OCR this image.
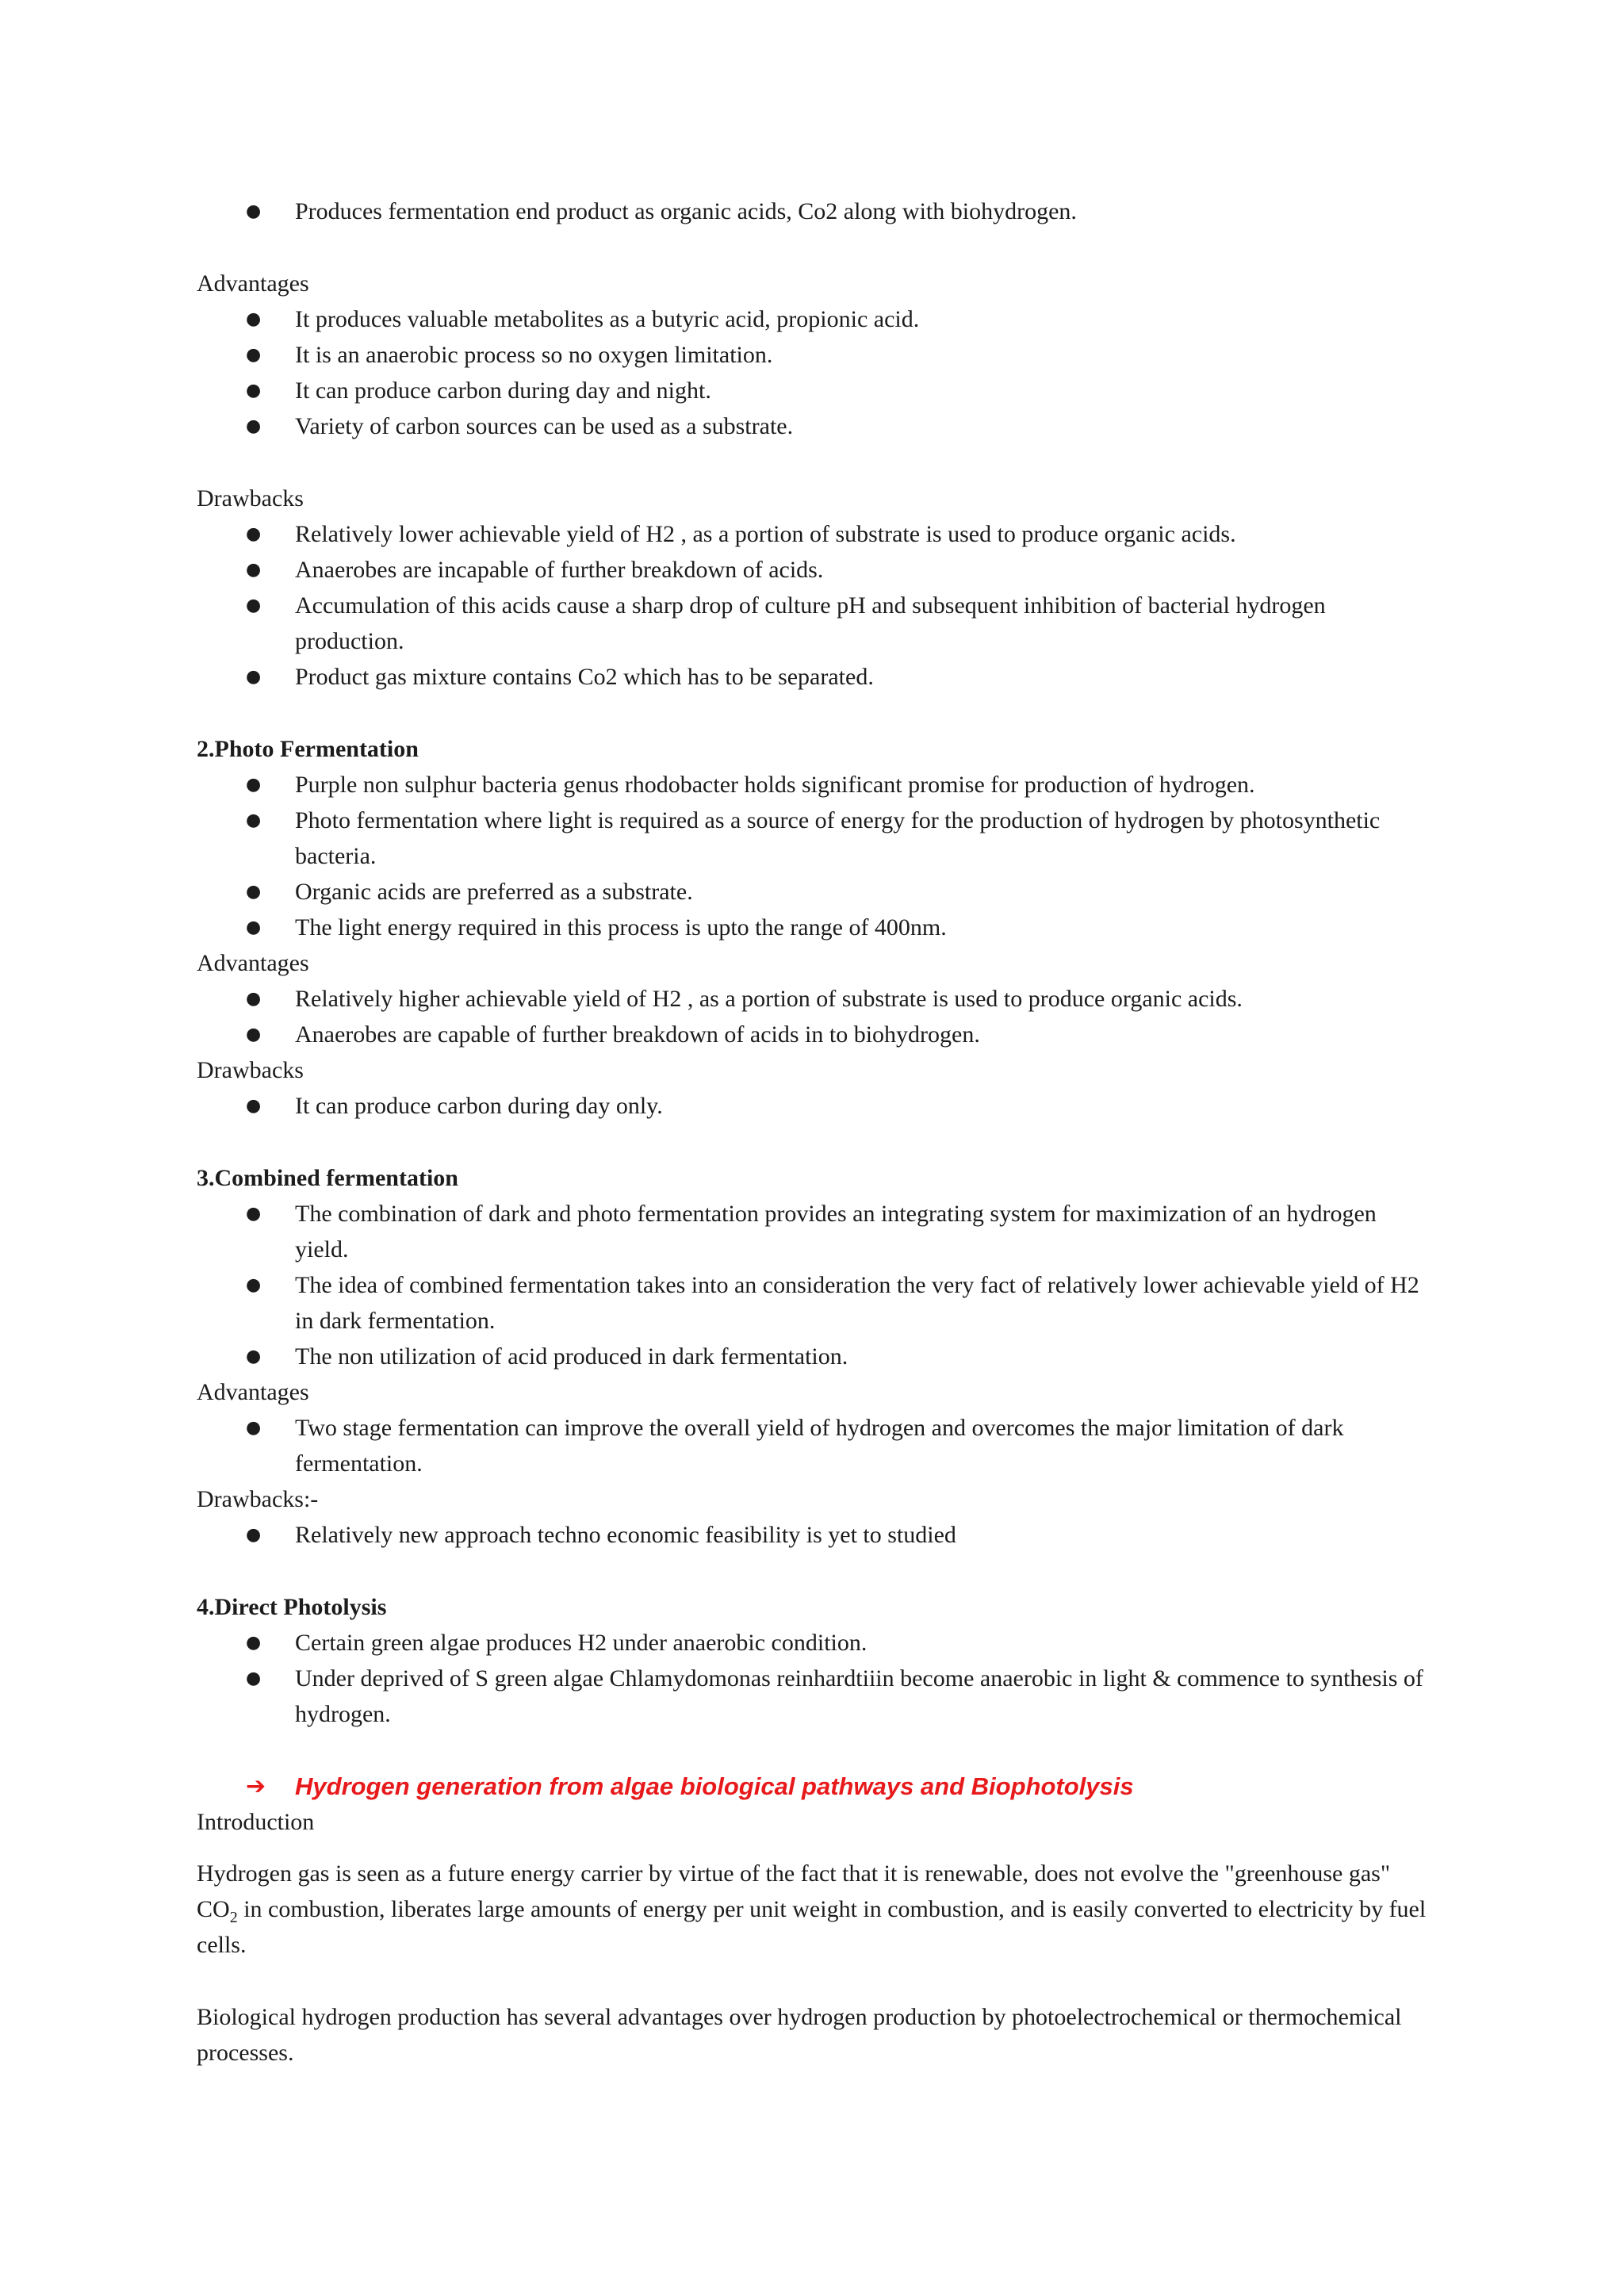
● Produces fermentation end product as organic acids, Co2 along with biohydrogen.
Advantages
● It produces valuable metabolites as a butyric acid, propionic acid.
● It is an anaerobic process so no oxygen limitation.
● It can produce carbon during day and night.
● Variety of carbon sources can be used as a substrate.
Drawbacks
● Relatively lower achievable yield of H2 , as a portion of substrate is used to produce organic acids.
● Anaerobes are incapable of further breakdown of acids.
● Accumulation of this acids cause a sharp drop of culture pH and subsequent inhibition of bacterial hydrogen production.
● Product gas mixture contains Co2 which has to be separated.
2.Photo Fermentation
● Purple non sulphur bacteria genus rhodobacter holds significant promise for production of hydrogen.
● Photo fermentation where light is required as a source of energy for the production of hydrogen by photosynthetic bacteria.
● Organic acids are preferred as a substrate.
● The light energy required in this process is upto the range of 400nm.
Advantages
● Relatively higher achievable yield of H2 , as a portion of substrate is used to produce organic acids.
● Anaerobes are capable of further breakdown of acids in to biohydrogen.
Drawbacks
● It can produce carbon during day only.
3.Combined fermentation
● The combination of dark and photo fermentation provides an integrating system for maximization of an hydrogen yield.
● The idea of combined fermentation takes into an consideration the very fact of relatively lower achievable yield of H2 in dark fermentation.
● The non utilization of acid produced in dark fermentation.
Advantages
● Two stage fermentation can improve the overall yield of hydrogen and overcomes the major limitation of dark fermentation.
Drawbacks:-
● Relatively new approach techno economic feasibility is yet to studied
4.Direct Photolysis
● Certain green algae produces H2 under anaerobic condition.
● Under deprived of S green algae Chlamydomonas reinhardtiiin become anaerobic in light & commence to synthesis of hydrogen.
➔ Hydrogen generation from algae biological pathways and Biophotolysis
Introduction

Hydrogen gas is seen as a future energy carrier by virtue of the fact that it is renewable, does not evolve the "greenhouse gas" $CO_2$ in combustion, liberates large amounts of energy per unit weight in combustion, and is easily converted to electricity by fuel cells.

Biological hydrogen production has several advantages over hydrogen production by photoelectrochemical or thermochemical processes.
